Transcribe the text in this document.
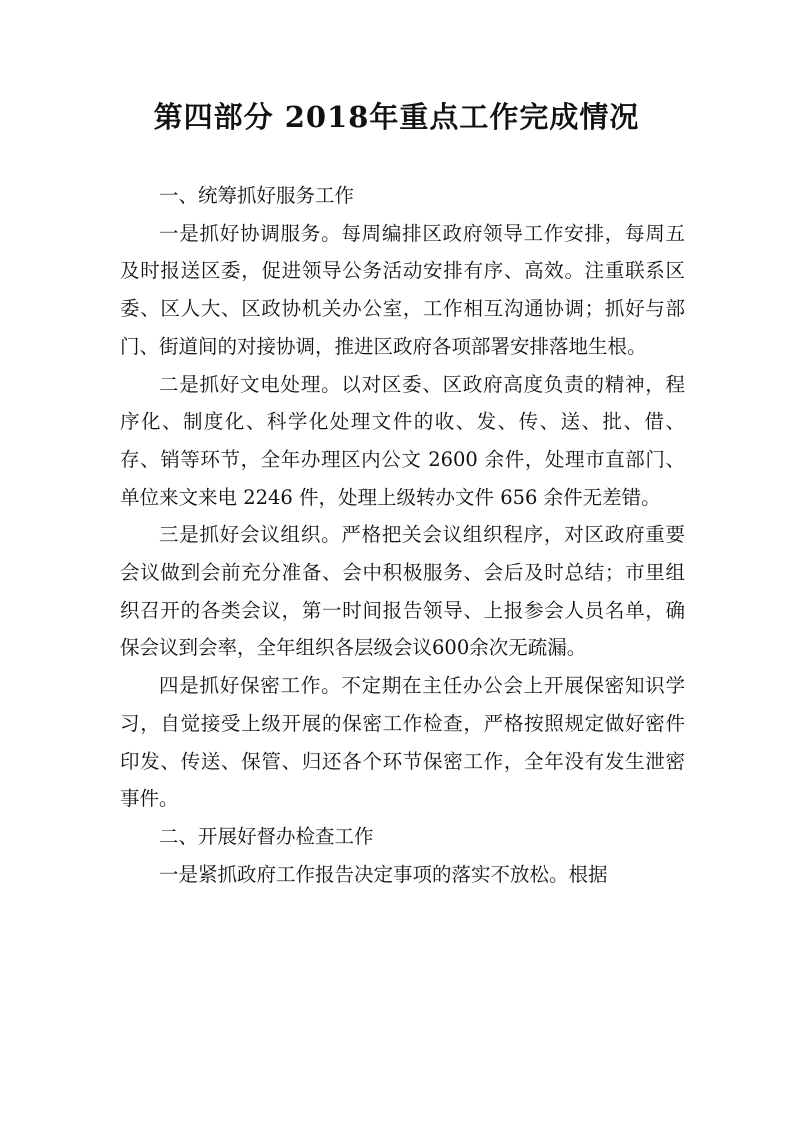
第四部分 2018年重点工作完成情况
一、统筹抓好服务工作

一是抓好协调服务。每周编排区政府领导工作安排，每周五及时报送区委，促进领导公务活动安排有序、高效。注重联系区委、区人大、区政协机关办公室，工作相互沟通协调；抓好与部门、街道间的对接协调，推进区政府各项部署安排落地生根。

二是抓好文电处理。以对区委、区政府高度负责的精神，程序化、制度化、科学化处理文件的收、发、传、送、批、借、存、销等环节，全年办理区内公文 2600 余件，处理市直部门、单位来文来电 2246 件，处理上级转办文件 656 余件无差错。

三是抓好会议组织。严格把关会议组织程序，对区政府重要会议做到会前充分准备、会中积极服务、会后及时总结；市里组织召开的各类会议，第一时间报告领导、上报参会人员名单，确保会议到会率，全年组织各层级会议600余次无疏漏。

四是抓好保密工作。不定期在主任办公会上开展保密知识学习，自觉接受上级开展的保密工作检查，严格按照规定做好密件印发、传送、保管、归还各个环节保密工作，全年没有发生泄密事件。

二、开展好督办检查工作

一是紧抓政府工作报告决定事项的落实不放松。根据
